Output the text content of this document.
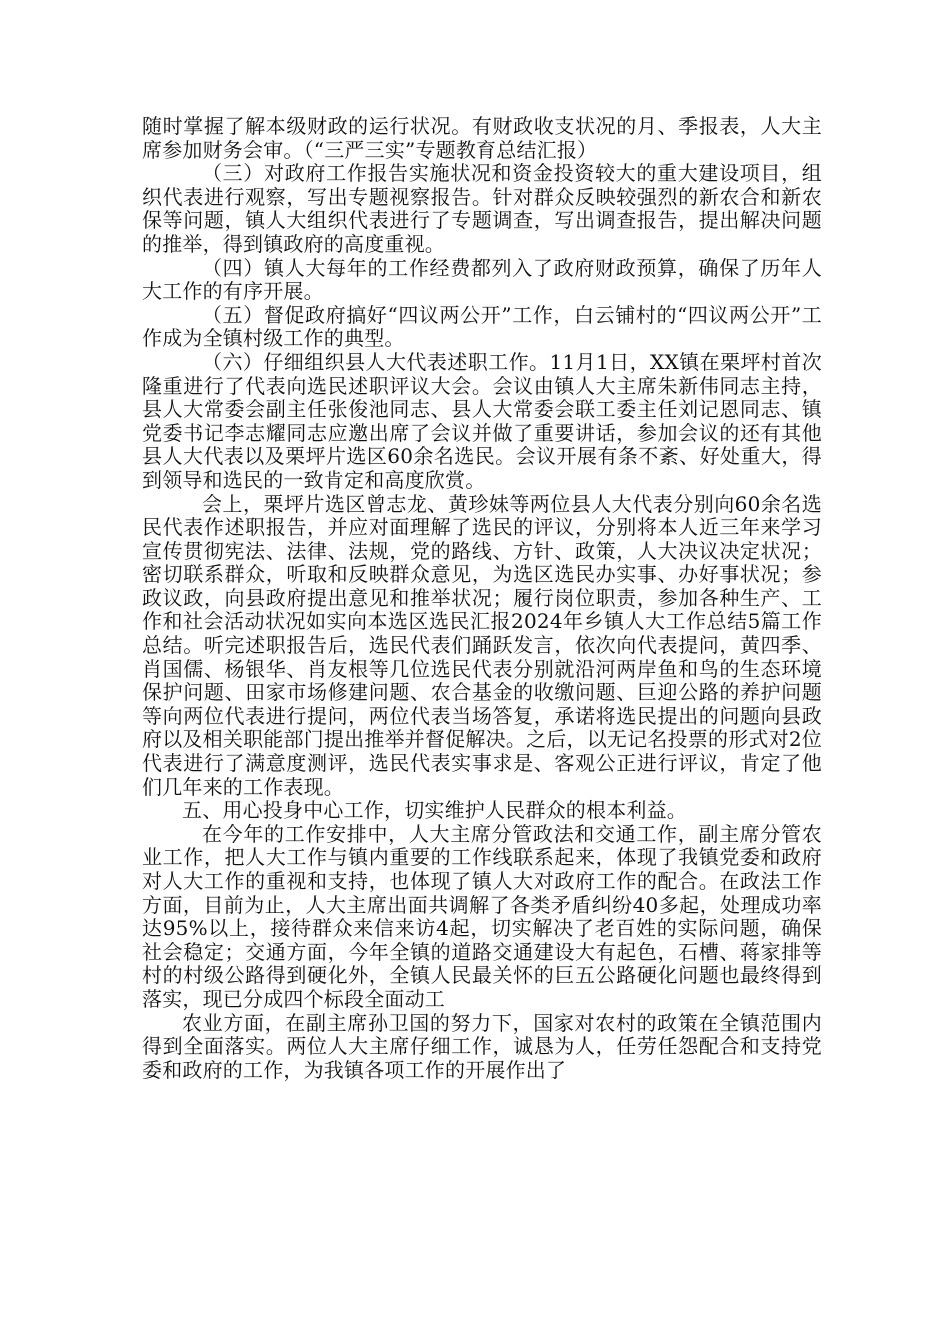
随时掌握了解本级财政的运行状况。有财政收支状况的月、季报表，人大主席参加财务会审。（“三严三实”专题教育总结汇报）

（三）对政府工作报告实施状况和资金投资较大的重大建设项目，组织代表进行观察，写出专题视察报告。针对群众反映较强烈的新农合和新农保等问题，镇人大组织代表进行了专题调查，写出调查报告，提出解决问题的推举，得到镇政府的高度重视。

（四）镇人大每年的工作经费都列入了政府财政预算，确保了历年人大工作的有序开展。

（五）督促政府搞好“四议两公开”工作，白云铺村的“四议两公开”工作成为全镇村级工作的典型。

（六）仔细组织县人大代表述职工作。11月1日，XX镇在栗坪村首次隆重进行了代表向选民述职评议大会。会议由镇人大主席朱新伟同志主持，县人大常委会副主任张俊池同志、县人大常委会联工委主任刘记恩同志、镇党委书记李志耀同志应邀出席了会议并做了重要讲话，参加会议的还有其他县人大代表以及栗坪片选区60余名选民。会议开展有条不紊、好处重大，得到领导和选民的一致肯定和高度欣赏。

会上，栗坪片选区曾志龙、黄珍妹等两位县人大代表分别向60余名选民代表作述职报告，并应对面理解了选民的评议，分别将本人近三年来学习宣传贯彻宪法、法律、法规，党的路线、方针、政策，人大决议决定状况；密切联系群众，听取和反映群众意见，为选区选民办实事、办好事状况；参政议政，向县政府提出意见和推举状况；履行岗位职责，参加各种生产、工作和社会活动状况如实向本选区选民汇报2024年乡镇人大工作总结5篇工作总结。听完述职报告后，选民代表们踊跃发言，依次向代表提问，黄四季、肖国儒、杨银华、肖友根等几位选民代表分别就沿河两岸鱼和鸟的生态环境保护问题、田家市场修建问题、农合基金的收缴问题、巨迎公路的养护问题等向两位代表进行提问，两位代表当场答复，承诺将选民提出的问题向县政府以及相关职能部门提出推举并督促解决。之后，以无记名投票的形式对2位代表进行了满意度测评，选民代表实事求是、客观公正进行评议，肯定了他们几年来的工作表现。

五、用心投身中心工作，切实维护人民群众的根本利益。

在今年的工作安排中，人大主席分管政法和交通工作，副主席分管农业工作，把人大工作与镇内重要的工作线联系起来，体现了我镇党委和政府对人大工作的重视和支持，也体现了镇人大对政府工作的配合。在政法工作方面，目前为止，人大主席出面共调解了各类矛盾纠纷40多起，处理成功率达95%以上，接待群众来信来访4起，切实解决了老百姓的实际问题，确保社会稳定；交通方面，今年全镇的道路交通建设大有起色，石槽、蒋家排等村的村级公路得到硬化外，全镇人民最关怀的巨五公路硬化问题也最终得到落实，现已分成四个标段全面动工

农业方面，在副主席孙卫国的努力下，国家对农村的政策在全镇范围内得到全面落实。两位人大主席仔细工作，诚恳为人，任劳任怨配合和支持党委和政府的工作，为我镇各项工作的开展作出了
